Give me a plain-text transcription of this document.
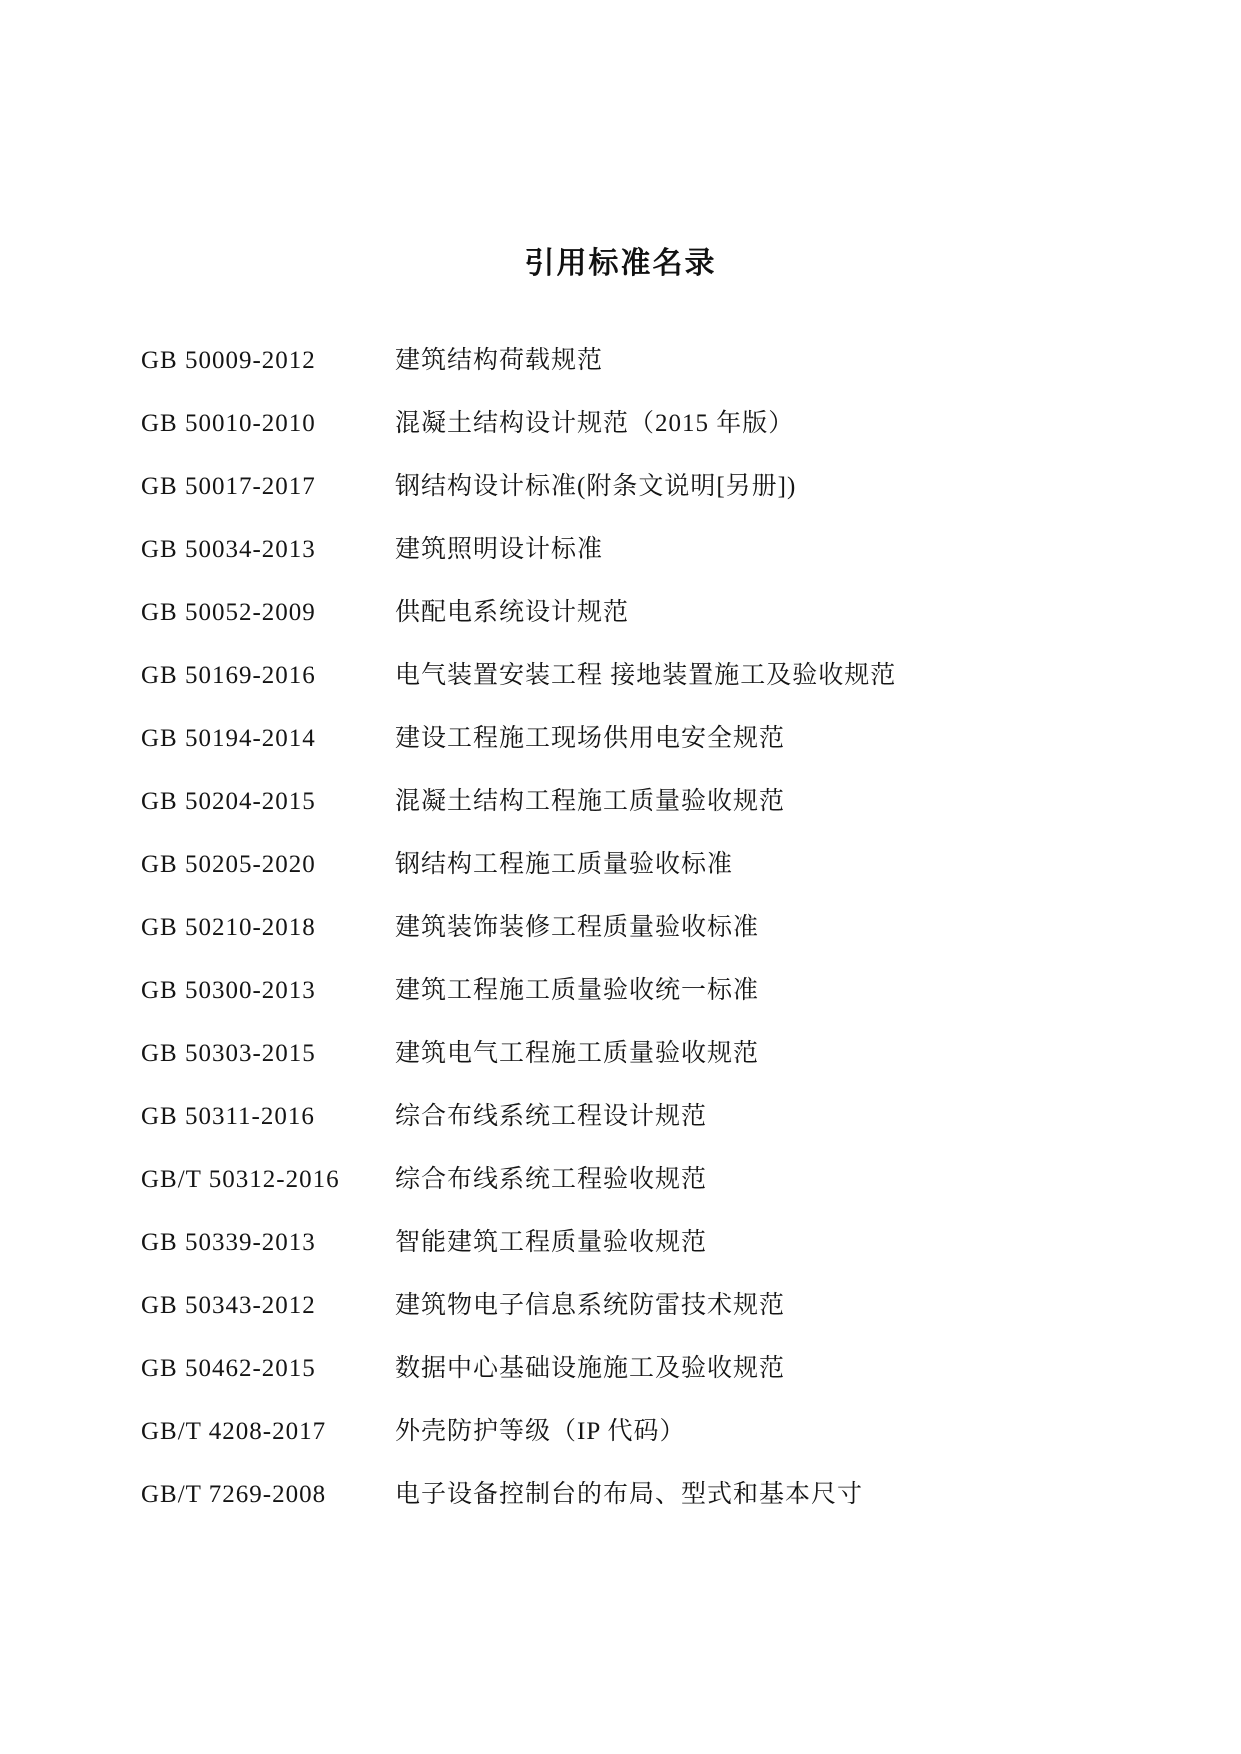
引用标准名录
GB 50009-2012	建筑结构荷载规范
GB 50010-2010	混凝土结构设计规范（2015 年版）
GB 50017-2017	钢结构设计标准(附条文说明[另册])
GB 50034-2013	建筑照明设计标准
GB 50052-2009	供配电系统设计规范
GB 50169-2016	电气装置安装工程 接地装置施工及验收规范
GB 50194-2014	建设工程施工现场供用电安全规范
GB 50204-2015	混凝土结构工程施工质量验收规范
GB 50205-2020	钢结构工程施工质量验收标准
GB 50210-2018	建筑装饰装修工程质量验收标准
GB 50300-2013	建筑工程施工质量验收统一标准
GB 50303-2015	建筑电气工程施工质量验收规范
GB 50311-2016	综合布线系统工程设计规范
GB/T 50312-2016	综合布线系统工程验收规范
GB 50339-2013	智能建筑工程质量验收规范
GB 50343-2012	建筑物电子信息系统防雷技术规范
GB 50462-2015	数据中心基础设施施工及验收规范
GB/T 4208-2017	外壳防护等级（IP 代码）
GB/T 7269-2008	电子设备控制台的布局、型式和基本尺寸
